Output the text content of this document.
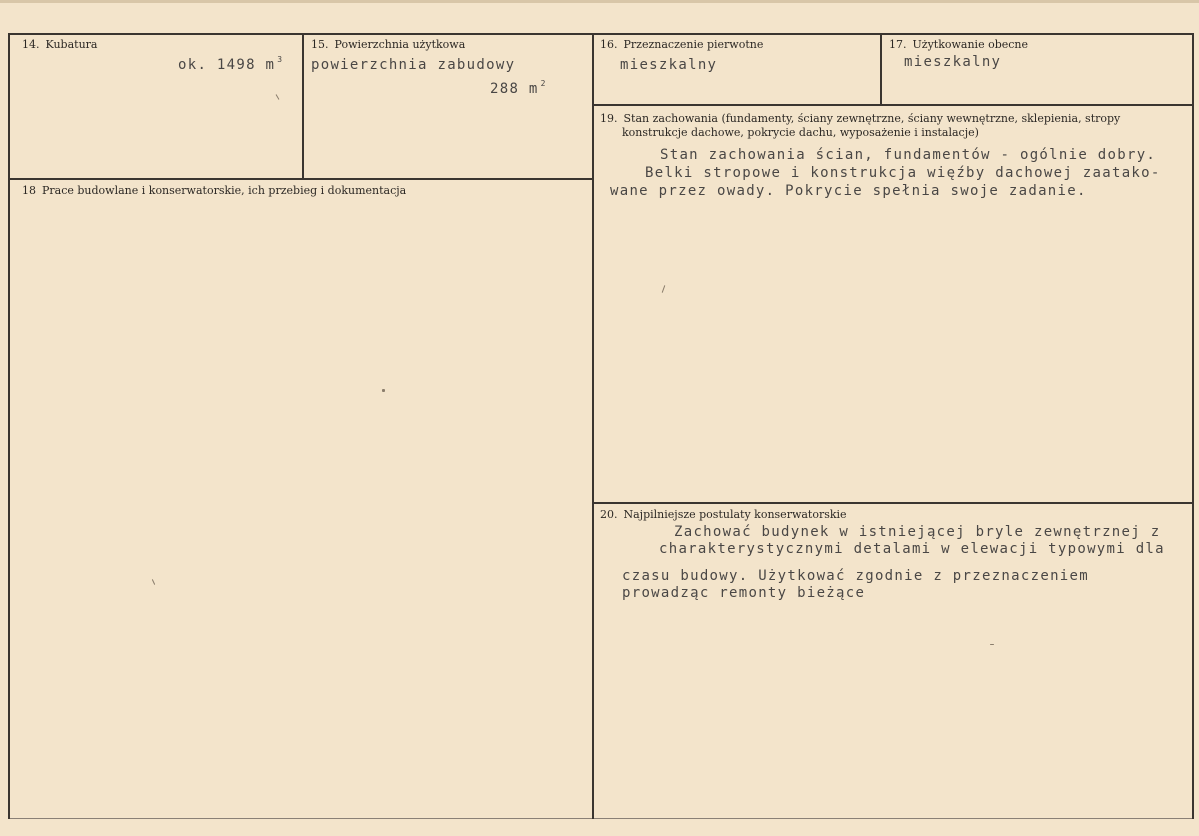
14. Kubatura
ok. 1498 m $^3$
15. Powierzchnia użytkowa
powierzchnia zabudowy
288 m $^2$
16. Przeznaczenie pierwotne
mieszkalny
17. Użytkowanie obecne
mieszkalny
18 Prace budowlane i konserwatorskie, ich przebieg i dokumentacja
19. Stan zachowania (fundamenty, ściany zewnętrzne, ściany wewnętrzne, sklepienia, stropy
konstrukcje dachowe, pokrycie dachu, wyposażenie i instalacje)
Stan zachowania ścian, fundamentów - ogólnie dobry.
Belki stropowe i konstrukcja więźby dachowej zaatako-
wane przez owady. Pokrycie spełnia swoje zadanie.
20. Najpilniejsze postulaty konserwatorskie
Zachować budynek w istniejącej bryle zewnętrznej z
charakterystycznymi detalami w elewacji typowymi dla
czasu budowy. Użytkować zgodnie z przeznaczeniem
prowadząc remonty bieżące
